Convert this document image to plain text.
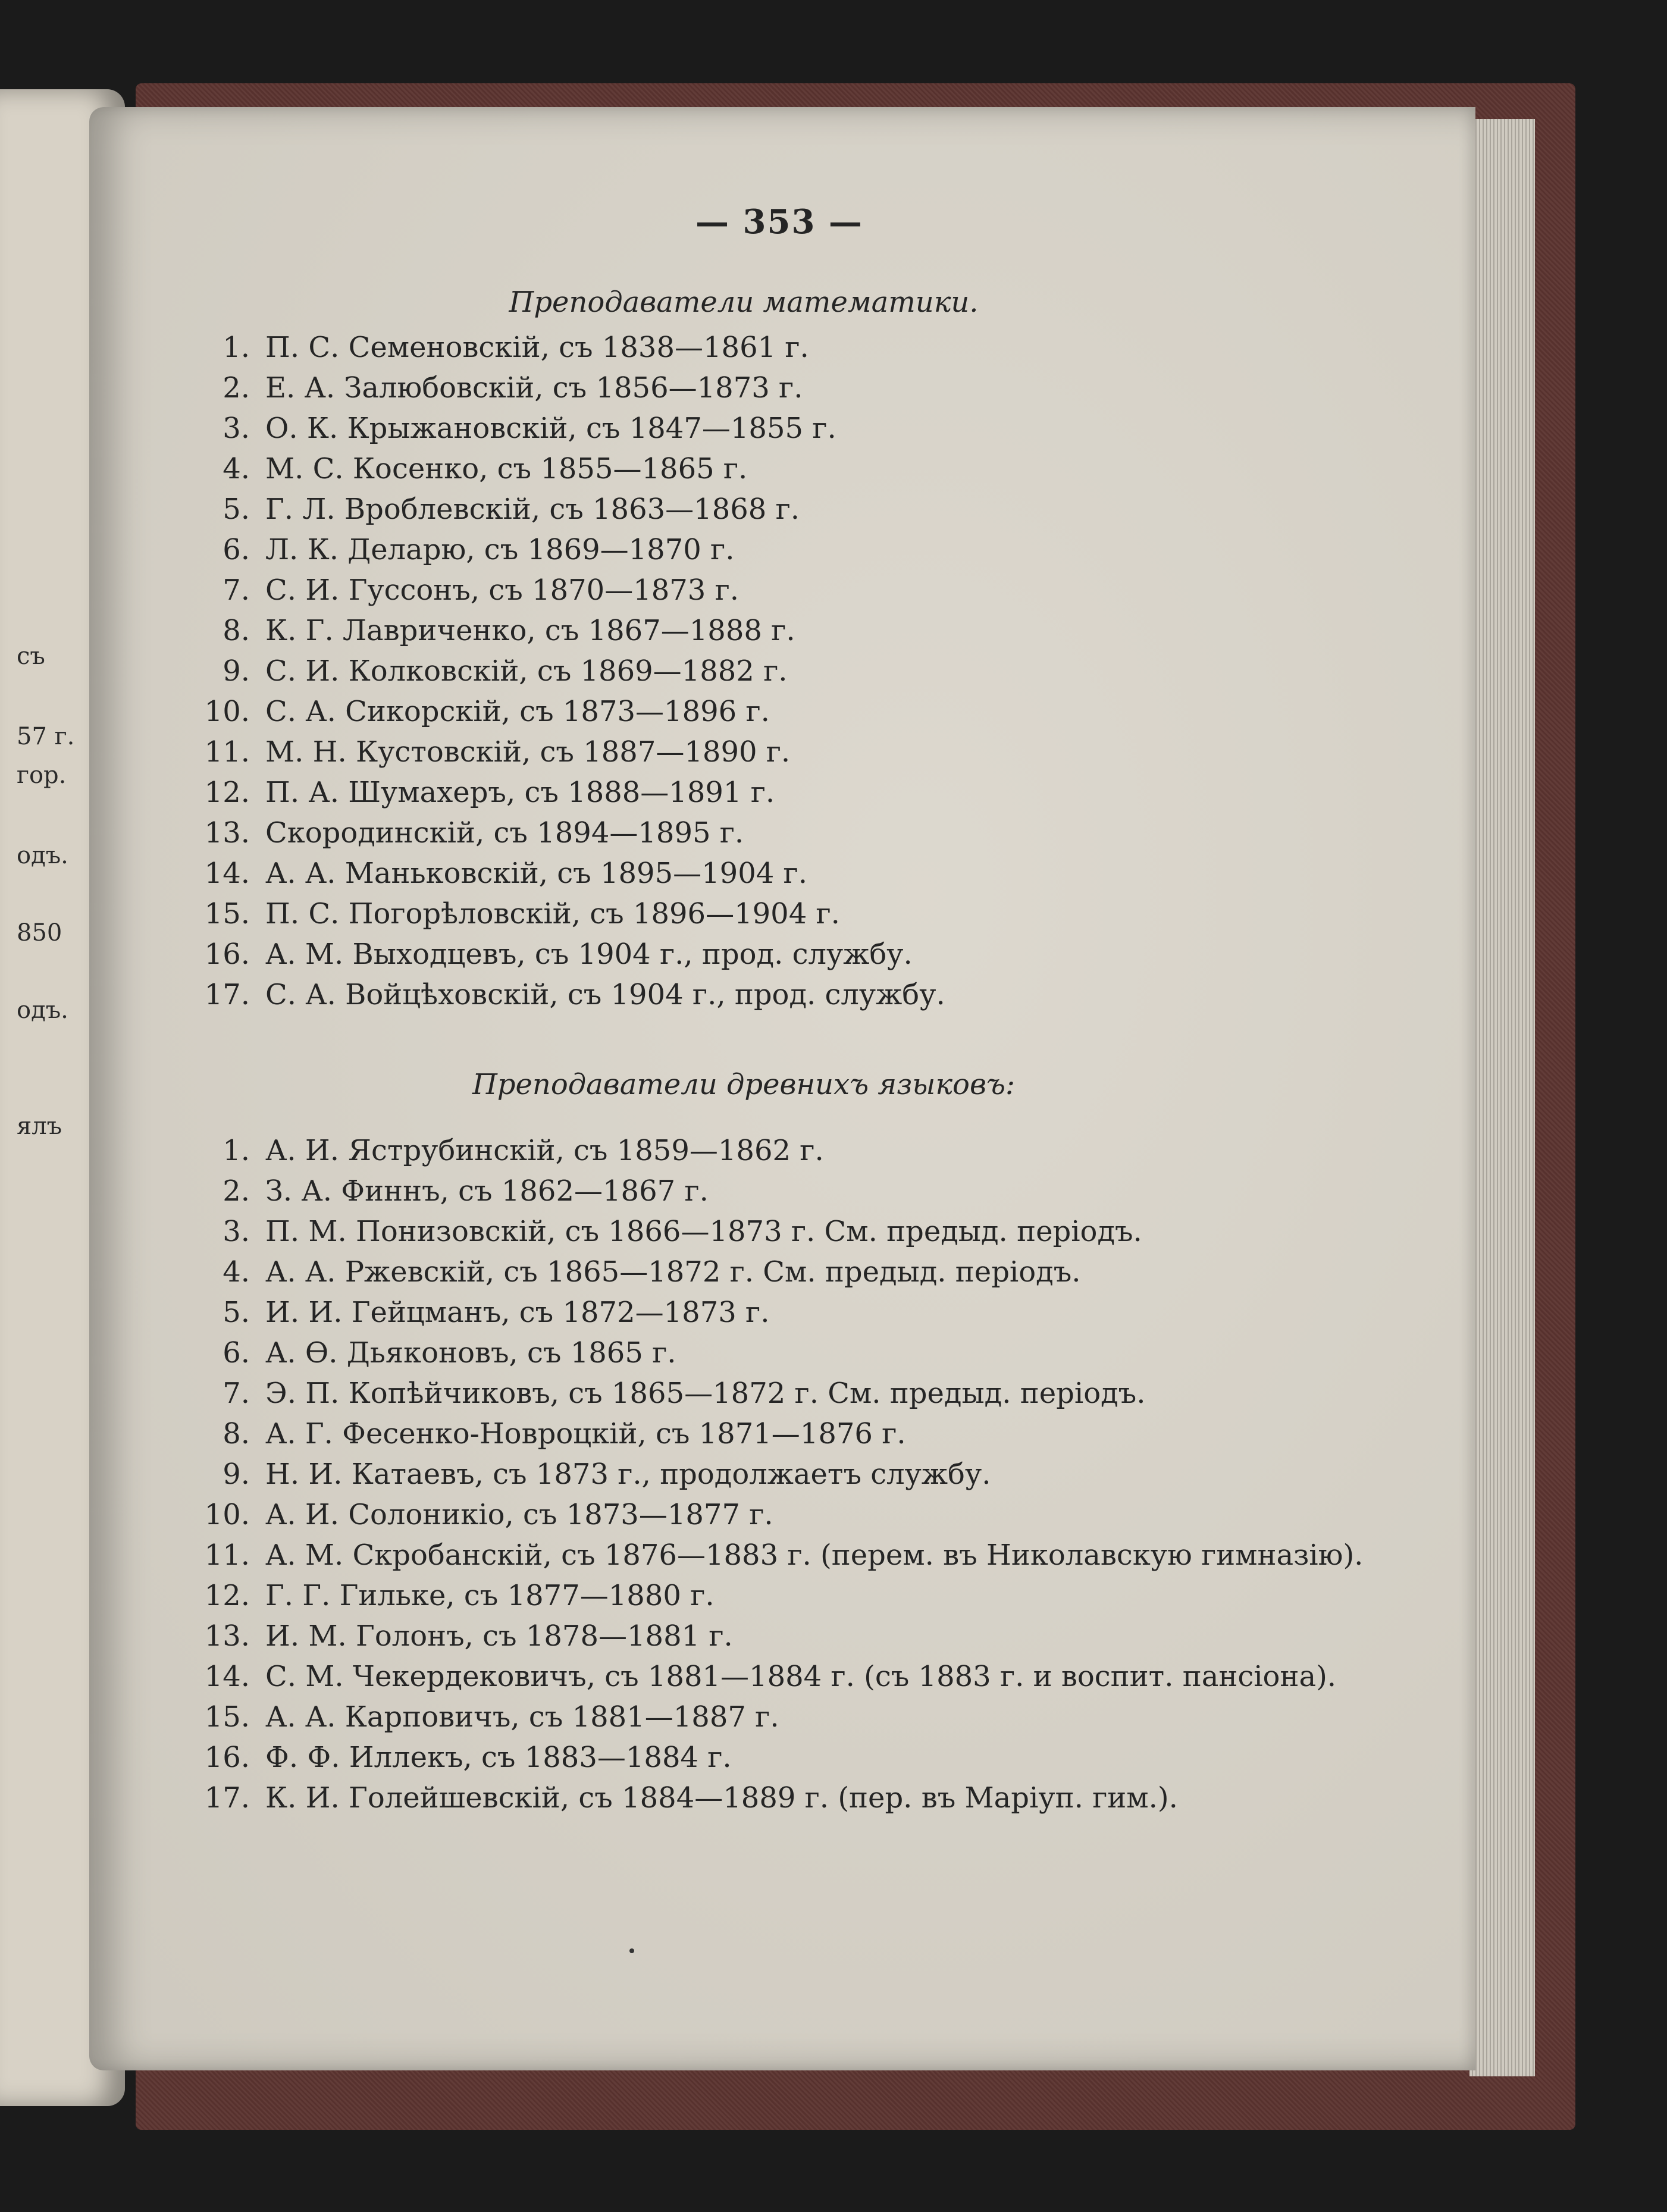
съ
57 г.
гор.
одъ.
850
одъ.
ялъ
— 353 —
Преподаватели математики.
1. П. С. Семеновскій, съ 1838—1861 г.
2. Е. А. Залюбовскій, съ 1856—1873 г.
3. О. К. Крыжановскій, съ 1847—1855 г.
4. М. С. Косенко, съ 1855—1865 г.
5. Г. Л. Вроблевскій, съ 1863—1868 г.
6. Л. К. Деларю, съ 1869—1870 г.
7. С. И. Гуссонъ, съ 1870—1873 г.
8. К. Г. Лавриченко, съ 1867—1888 г.
9. С. И. Колковскій, съ 1869—1882 г.
10. С. А. Сикорскій, съ 1873—1896 г.
11. М. Н. Кустовскій, съ 1887—1890 г.
12. П. А. Шумахеръ, съ 1888—1891 г.
13. Скородинскій, съ 1894—1895 г.
14. А. А. Маньковскій, съ 1895—1904 г.
15. П. С. Погорѣловскій, съ 1896—1904 г.
16. А. М. Выходцевъ, съ 1904 г., прод. службу.
17. С. А. Войцѣховскій, съ 1904 г., прод. службу.
Преподаватели древнихъ языковъ:
1. А. И. Яструбинскій, съ 1859—1862 г.
2. З. А. Финнъ, съ 1862—1867 г.
3. П. М. Понизовскій, съ 1866—1873 г. См. предыд. періодъ.
4. А. А. Ржевскій, съ 1865—1872 г. См. предыд. періодъ.
5. И. И. Гейцманъ, съ 1872—1873 г.
6. А. Ѳ. Дьяконовъ, съ 1865 г.
7. Э. П. Копѣйчиковъ, съ 1865—1872 г. См. предыд. періодъ.
8. А. Г. Фесенко-Новроцкій, съ 1871—1876 г.
9. Н. И. Катаевъ, съ 1873 г., продолжаетъ службу.
10. А. И. Солоникіо, съ 1873—1877 г.
11. А. М. Скробанскій, съ 1876—1883 г. (перем. въ Николавскую гимназію).
12. Г. Г. Гильке, съ 1877—1880 г.
13. И. М. Голонъ, съ 1878—1881 г.
14. С. М. Чекердековичъ, съ 1881—1884 г. (съ 1883 г. и воспит. пансіона).
15. А. А. Карповичъ, съ 1881—1887 г.
16. Ф. Ф. Иллекъ, съ 1883—1884 г.
17. К. И. Голейшевскій, съ 1884—1889 г. (пер. въ Маріуп. гим.).
